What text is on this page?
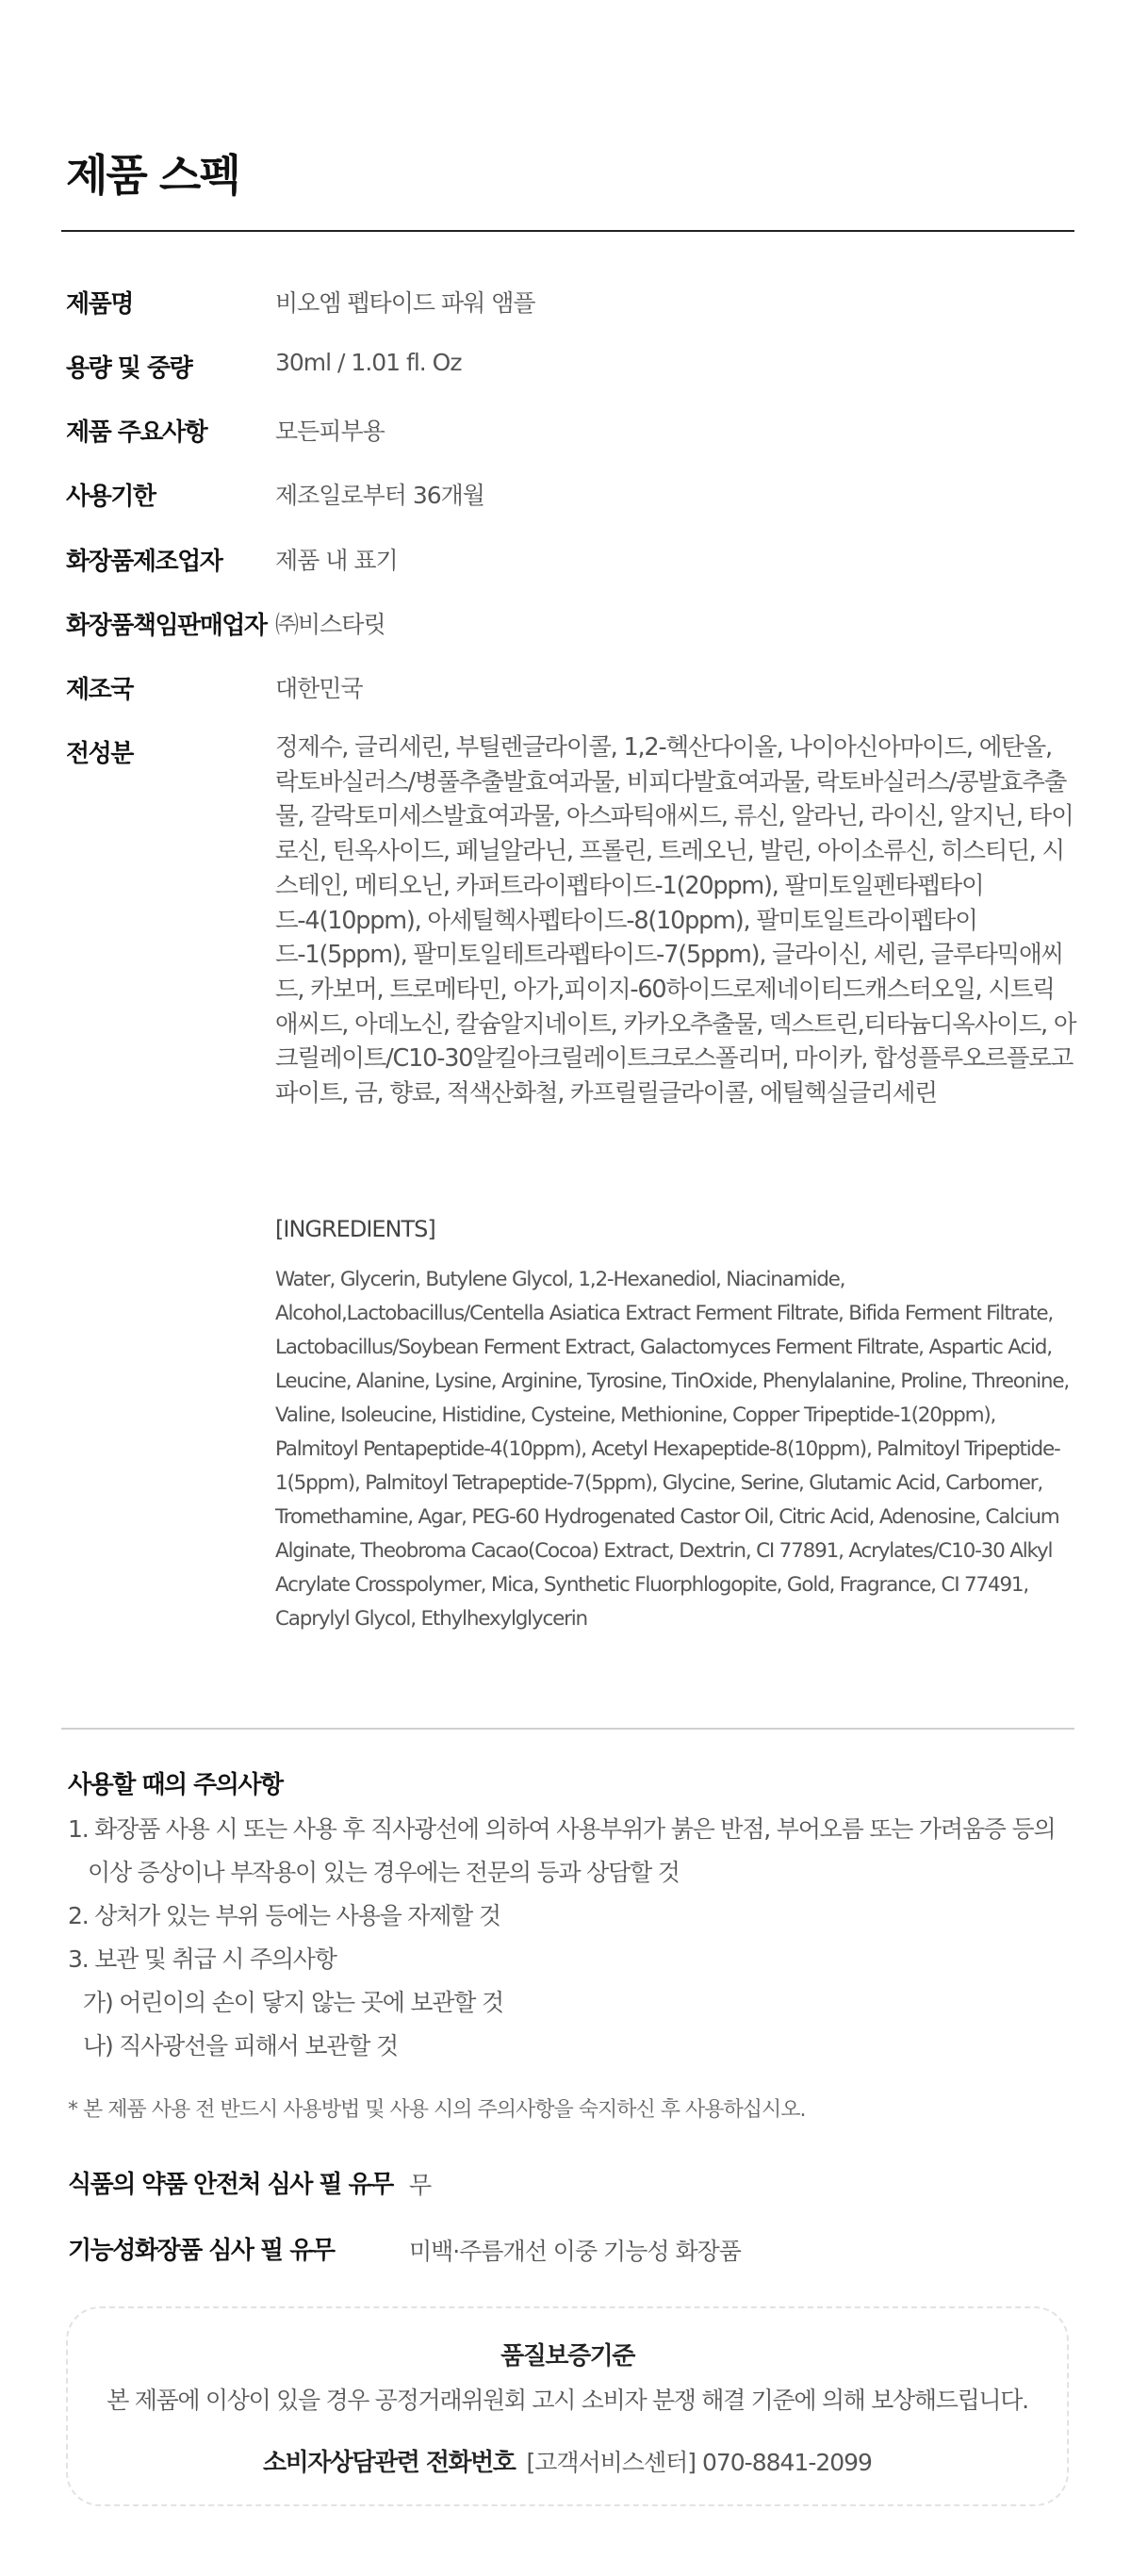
제품 스펙
제품명	비오엠 펩타이드 파워 앰플
용량 및 중량	30ml / 1.01 fl. Oz
제품 주요사항	모든피부용
사용기한	제조일로부터 36개월
화장품제조업자 제품 내 표기
화장품책임판매업자 ㈜비스타릿
제조국	대한민국
전성분	정제수, 글리세린, 부틸렌글라이콜, 1,2-헥산다이올, 나이아신아마이드, 에탄올, 락토바실러스/병풀추출발효여과물, 비피다발효여과물, 락토바실러스/콩발효추출물, 갈락토미세스발효여과물, 아스파틱애씨드, 류신, 알라닌, 라이신, 알지닌, 타이로신, 틴옥사이드, 페닐알라닌, 프롤린, 트레오닌, 발린, 아이소류신, 히스티딘, 시스테인, 메티오닌, 카퍼트라이펩타이드-1(20ppm), 팔미토일펜타펩타이드-4(10ppm), 아세틸헥사펩타이드-8(10ppm), 팔미토일트라이펩타이드-1(5ppm), 팔미토일테트라펩타이드-7(5ppm), 글라이신, 세린, 글루타믹애씨드, 카보머, 트로메타민, 아가,피이지-60하이드로제네이티드캐스터오일, 시트릭애씨드, 아데노신, 칼슘알지네이트, 카카오추출물, 덱스트린,티타늄디옥사이드, 아크릴레이트/C10-30알킬아크릴레이트크로스폴리머, 마이카, 합성플루오르플로고파이트, 금, 향료, 적색산화철, 카프릴릴글라이콜, 에틸헥실글리세린

[INGREDIENTS]

Water, Glycerin, Butylene Glycol, 1,2-Hexanediol, Niacinamide, Alcohol,Lactobacillus/Centella Asiatica Extract Ferment Filtrate, Bifida Ferment Filtrate, Lactobacillus/Soybean Ferment Extract, Galactomyces Ferment Filtrate, Aspartic Acid, Leucine, Alanine, Lysine, Arginine, Tyrosine, TinOxide, Phenylalanine, Proline, Threonine, Valine, Isoleucine, Histidine, Cysteine, Methionine, Copper Tripeptide-1(20ppm), Palmitoyl Pentapeptide-4(10ppm), Acetyl Hexapeptide-8(10ppm), Palmitoyl Tripeptide-1(5ppm), Palmitoyl Tetrapeptide-7(5ppm), Glycine, Serine, Glutamic Acid, Carbomer, Tromethamine, Agar, PEG-60 Hydrogenated Castor Oil, Citric Acid, Adenosine, Calcium Alginate, Theobroma Cacao(Cocoa) Extract, Dextrin, CI 77891, Acrylates/C10-30 Alkyl Acrylate Crosspolymer, Mica, Synthetic Fluorphlogopite, Gold, Fragrance, CI 77491, Caprylyl Glycol, Ethylhexylglycerin

사용할 때의 주의사항
1. 화장품 사용 시 또는 사용 후 직사광선에 의하여 사용부위가 붉은 반점, 부어오름 또는 가려움증 등의
이상 증상이나 부작용이 있는 경우에는 전문의 등과 상담할 것
2. 상처가 있는 부위 등에는 사용을 자제할 것
3. 보관 및 취급 시 주의사항
가) 어린이의 손이 닿지 않는 곳에 보관할 것
나) 직사광선을 피해서 보관할 것
* 본 제품 사용 전 반드시 사용방법 및 사용 시의 주의사항을 숙지하신 후 사용하십시오.
식품의 약품 안전처 심사 필 유무 무
기능성화장품 심사 필 유무	미백·주름개선 이중 기능성 화장품
품질보증기준
본 제품에 이상이 있을 경우 공정거래위원회 고시 소비자 분쟁 해결 기준에 의해 보상해드립니다.
소비자상담관련 전화번호 [고객서비스센터] 070-8841-2099
